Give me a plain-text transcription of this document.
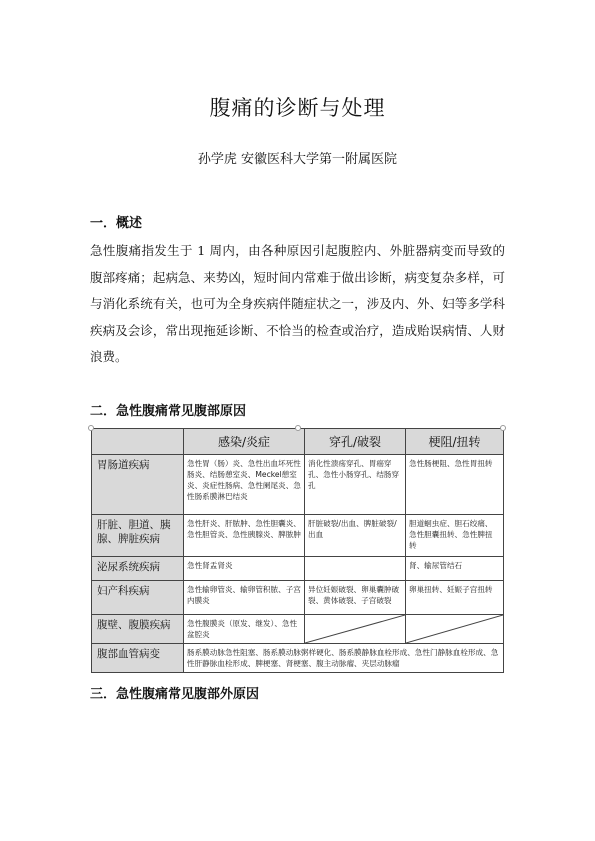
腹痛的诊断与处理
孙学虎 安徽医科大学第一附属医院
一．概述
急性腹痛指发生于 1 周内，由各种原因引起腹腔内、外脏器病变而导致的腹部疼痛；起病急、来势凶，短时间内常难于做出诊断，病变复杂多样，可与消化系统有关，也可为全身疾病伴随症状之一，涉及内、外、妇等多学科疾病及会诊，常出现拖延诊断、不恰当的检查或治疗，造成贻误病情、人财浪费。
二．急性腹痛常见腹部原因
	感染/炎症	穿孔/破裂	梗阻/扭转
胃肠道疾病	急性胃（肠）炎、急性出血坏死性肠炎、结肠憩室炎、Meckel憩室炎、炎症性肠病、急性阑尾炎、急性肠系膜淋巴结炎	消化性溃疡穿孔、胃癌穿孔、急性小肠穿孔、结肠穿孔	急性肠梗阻、急性胃扭转
肝脏、胆道、胰腺、脾脏疾病	急性肝炎、肝脓肿、急性胆囊炎、急性胆管炎、急性胰腺炎、脾脓肿	肝脏破裂/出血、脾脏破裂/出血	胆道蛔虫症、胆石绞痛、急性胆囊扭转、急性脾扭转
泌尿系统疾病	急性肾盂肾炎		肾、输尿管结石
妇产科疾病	急性输卵管炎、输卵管积脓、子宫内膜炎	异位妊娠破裂、卵巢囊肿破裂、黄体破裂、子宫破裂	卵巢扭转、妊娠子宫扭转
腹壁、腹膜疾病	急性腹膜炎（原发、继发）、急性盆腔炎	

腹部血管病变	肠系膜动脉急性阻塞、肠系膜动脉粥样硬化、肠系膜静脉血栓形成、急性门静脉血栓形成、急性肝静脉血栓形成、脾梗塞、肾梗塞、腹主动脉瘤、夹层动脉瘤		
三．急性腹痛常见腹部外原因
